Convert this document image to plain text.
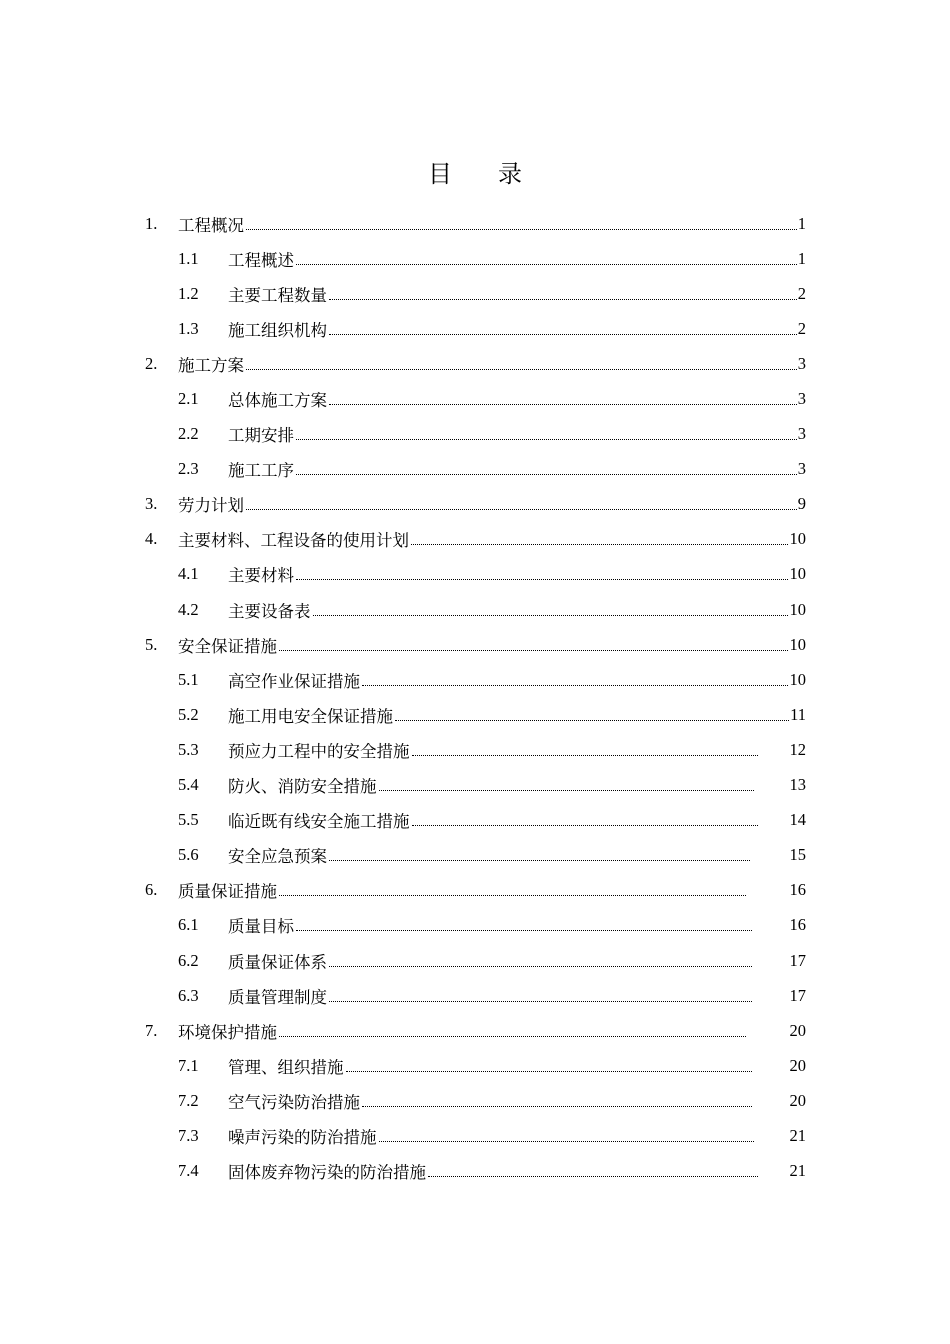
目 录
1. 工程概况	1
1.1 工程概述	1
1.2 主要工程数量	2
1.3 施工组织机构	2
2. 施工方案	3
2.1 总体施工方案	3
2.2 工期安排	3
2.3 施工工序	3
3. 劳力计划	9
4. 主要材料、工程设备的使用计划	10
4.1 主要材料	10
4.2 主要设备表	10
5. 安全保证措施	10
5.1 高空作业保证措施	10
5.2 施工用电安全保证措施	11
5.3 预应力工程中的安全措施	12
5.4 防火、消防安全措施	13
5.5 临近既有线安全施工措施	14
5.6 安全应急预案	15
6. 质量保证措施	16
6.1 质量目标	16
6.2 质量保证体系	17
6.3 质量管理制度	17
7. 环境保护措施	20
7.1 管理、组织措施	20
7.2 空气污染防治措施	20
7.3 噪声污染的防治措施	21
7.4 固体废弃物污染的防治措施	21
